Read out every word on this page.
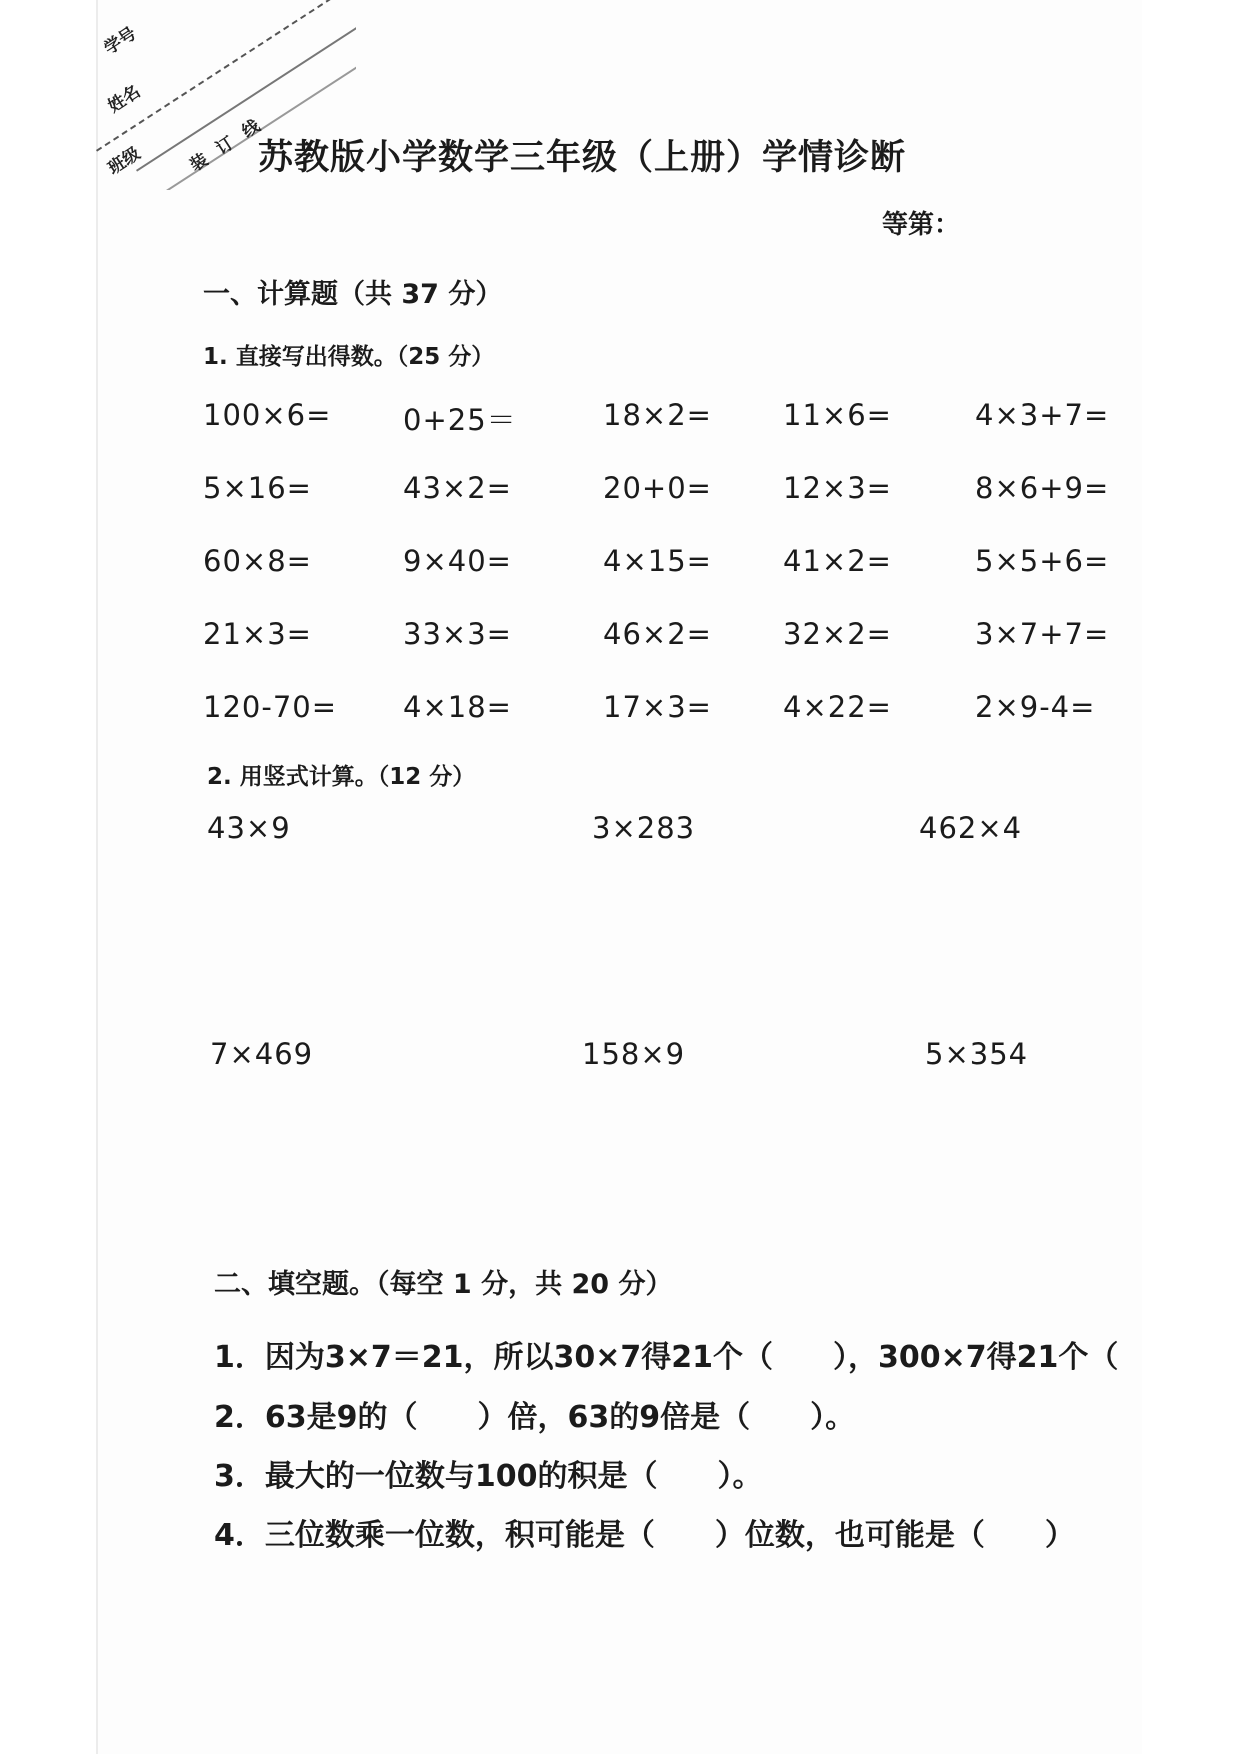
学号
姓名
班级	装订线
苏教版小学数学三年级（上册）学情诊断
等第：
一、计算题（共 37 分）
1. 直接写出得数。（25 分）
100×6= 0+25＝	18×2= 11×6=	4×3+7=
5×16=	43×2=	20+0= 12×3=	8×6+9=
60×8=	9×40=	4×15= 41×2=	5×5+6=
21×3=	33×3=	46×2= 32×2=	3×7+7=
120-70= 4×18=	17×3= 4×22=	2×9-4=
2. 用竖式计算。（12 分）
43×9	3×283	462×4
7×469	158×9	5×354
二、填空题。（每空 1 分，共 20 分）
1．因为3×7＝21，所以30×7得21个（　　），300×7得21个（
2．63是9的（　　）倍，63的9倍是（　　）。
3．最大的一位数与100的积是（　　）。
4．三位数乘一位数，积可能是（　　）位数，也可能是（　　）
